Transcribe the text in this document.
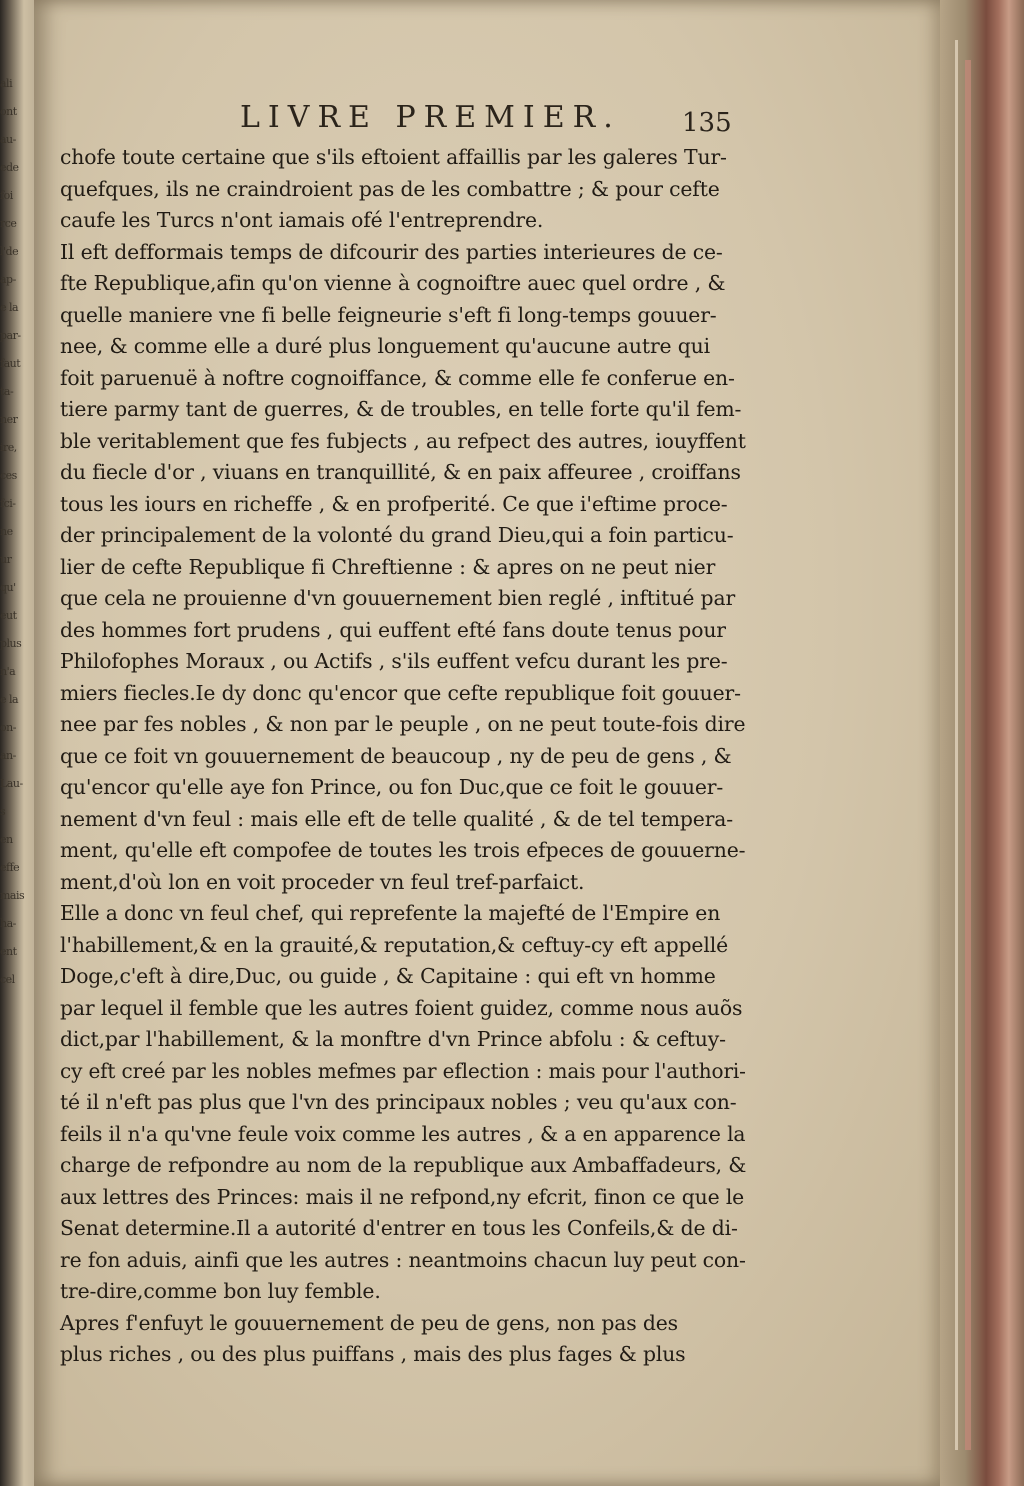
ali
ont
au-
ede
foi
rce
l'de
ap-
e la
par-
faut
ta-
ner
ire,
ces
fci-
ne
ur
qu'
eut
plus
n'a
e la
on-
an-
Lau-
s en
effe
mais
ha-
ent
cel
LIVRE PREMIER. 135
chofe toute certaine que s'ils eftoient affaillis par les galeres Tur-
quefques, ils ne craindroient pas de les combattre ; & pour cefte
caufe les Turcs n'ont iamais ofé l'entreprendre.
Il eft defformais temps de difcourir des parties interieures de ce-
fte Republique,afin qu'on vienne à cognoiftre auec quel ordre , &
quelle maniere vne fi belle feigneurie s'eft fi long-temps gouuer-
nee, & comme elle a duré plus longuement qu'aucune autre qui
foit paruenuë à noftre cognoiffance, & comme elle fe conferue en-
tiere parmy tant de guerres, & de troubles, en telle forte qu'il fem-
ble veritablement que fes fubjects , au refpect des autres, iouyffent
du fiecle d'or , viuans en tranquillité, & en paix affeuree , croiffans
tous les iours en richeffe , & en profperité. Ce que i'eftime proce-
der principalement de la volonté du grand Dieu,qui a foin particu-
lier de cefte Republique fi Chreftienne : & apres on ne peut nier
que cela ne prouienne d'vn gouuernement bien reglé , inftitué par
des hommes fort prudens , qui euffent efté fans doute tenus pour
Philofophes Moraux , ou Actifs , s'ils euffent vefcu durant les pre-
miers fiecles.Ie dy donc qu'encor que cefte republique foit gouuer-
nee par fes nobles , & non par le peuple , on ne peut toute-fois dire
que ce foit vn gouuernement de beaucoup , ny de peu de gens , &
qu'encor qu'elle aye fon Prince, ou fon Duc,que ce foit le gouuer-
nement d'vn feul : mais elle eft de telle qualité , & de tel tempera-
ment, qu'elle eft compofee de toutes les trois efpeces de gouuerne-
ment,d'où lon en voit proceder vn feul tref-parfaict.
Elle a donc vn feul chef, qui reprefente la majefté de l'Empire en
l'habillement,& en la grauité,& reputation,& ceftuy-cy eft appellé
Doge,c'eft à dire,Duc, ou guide , & Capitaine : qui eft vn homme
par lequel il femble que les autres foient guidez, comme nous auõs
dict,par l'habillement, & la monftre d'vn Prince abfolu : & ceftuy-
cy eft creé par les nobles mefmes par eflection : mais pour l'authori-
té il n'eft pas plus que l'vn des principaux nobles ; veu qu'aux con-
feils il n'a qu'vne feule voix comme les autres , & a en apparence la
charge de refpondre au nom de la republique aux Ambaffadeurs, &
aux lettres des Princes: mais il ne refpond,ny efcrit, finon ce que le
Senat determine.Il a autorité d'entrer en tous les Confeils,& de di-
re fon aduis, ainfi que les autres : neantmoins chacun luy peut con-
tre-dire,comme bon luy femble.
Apres f'enfuyt le gouuernement de peu de gens, non pas des
plus riches , ou des plus puiffans , mais des plus fages & plus
